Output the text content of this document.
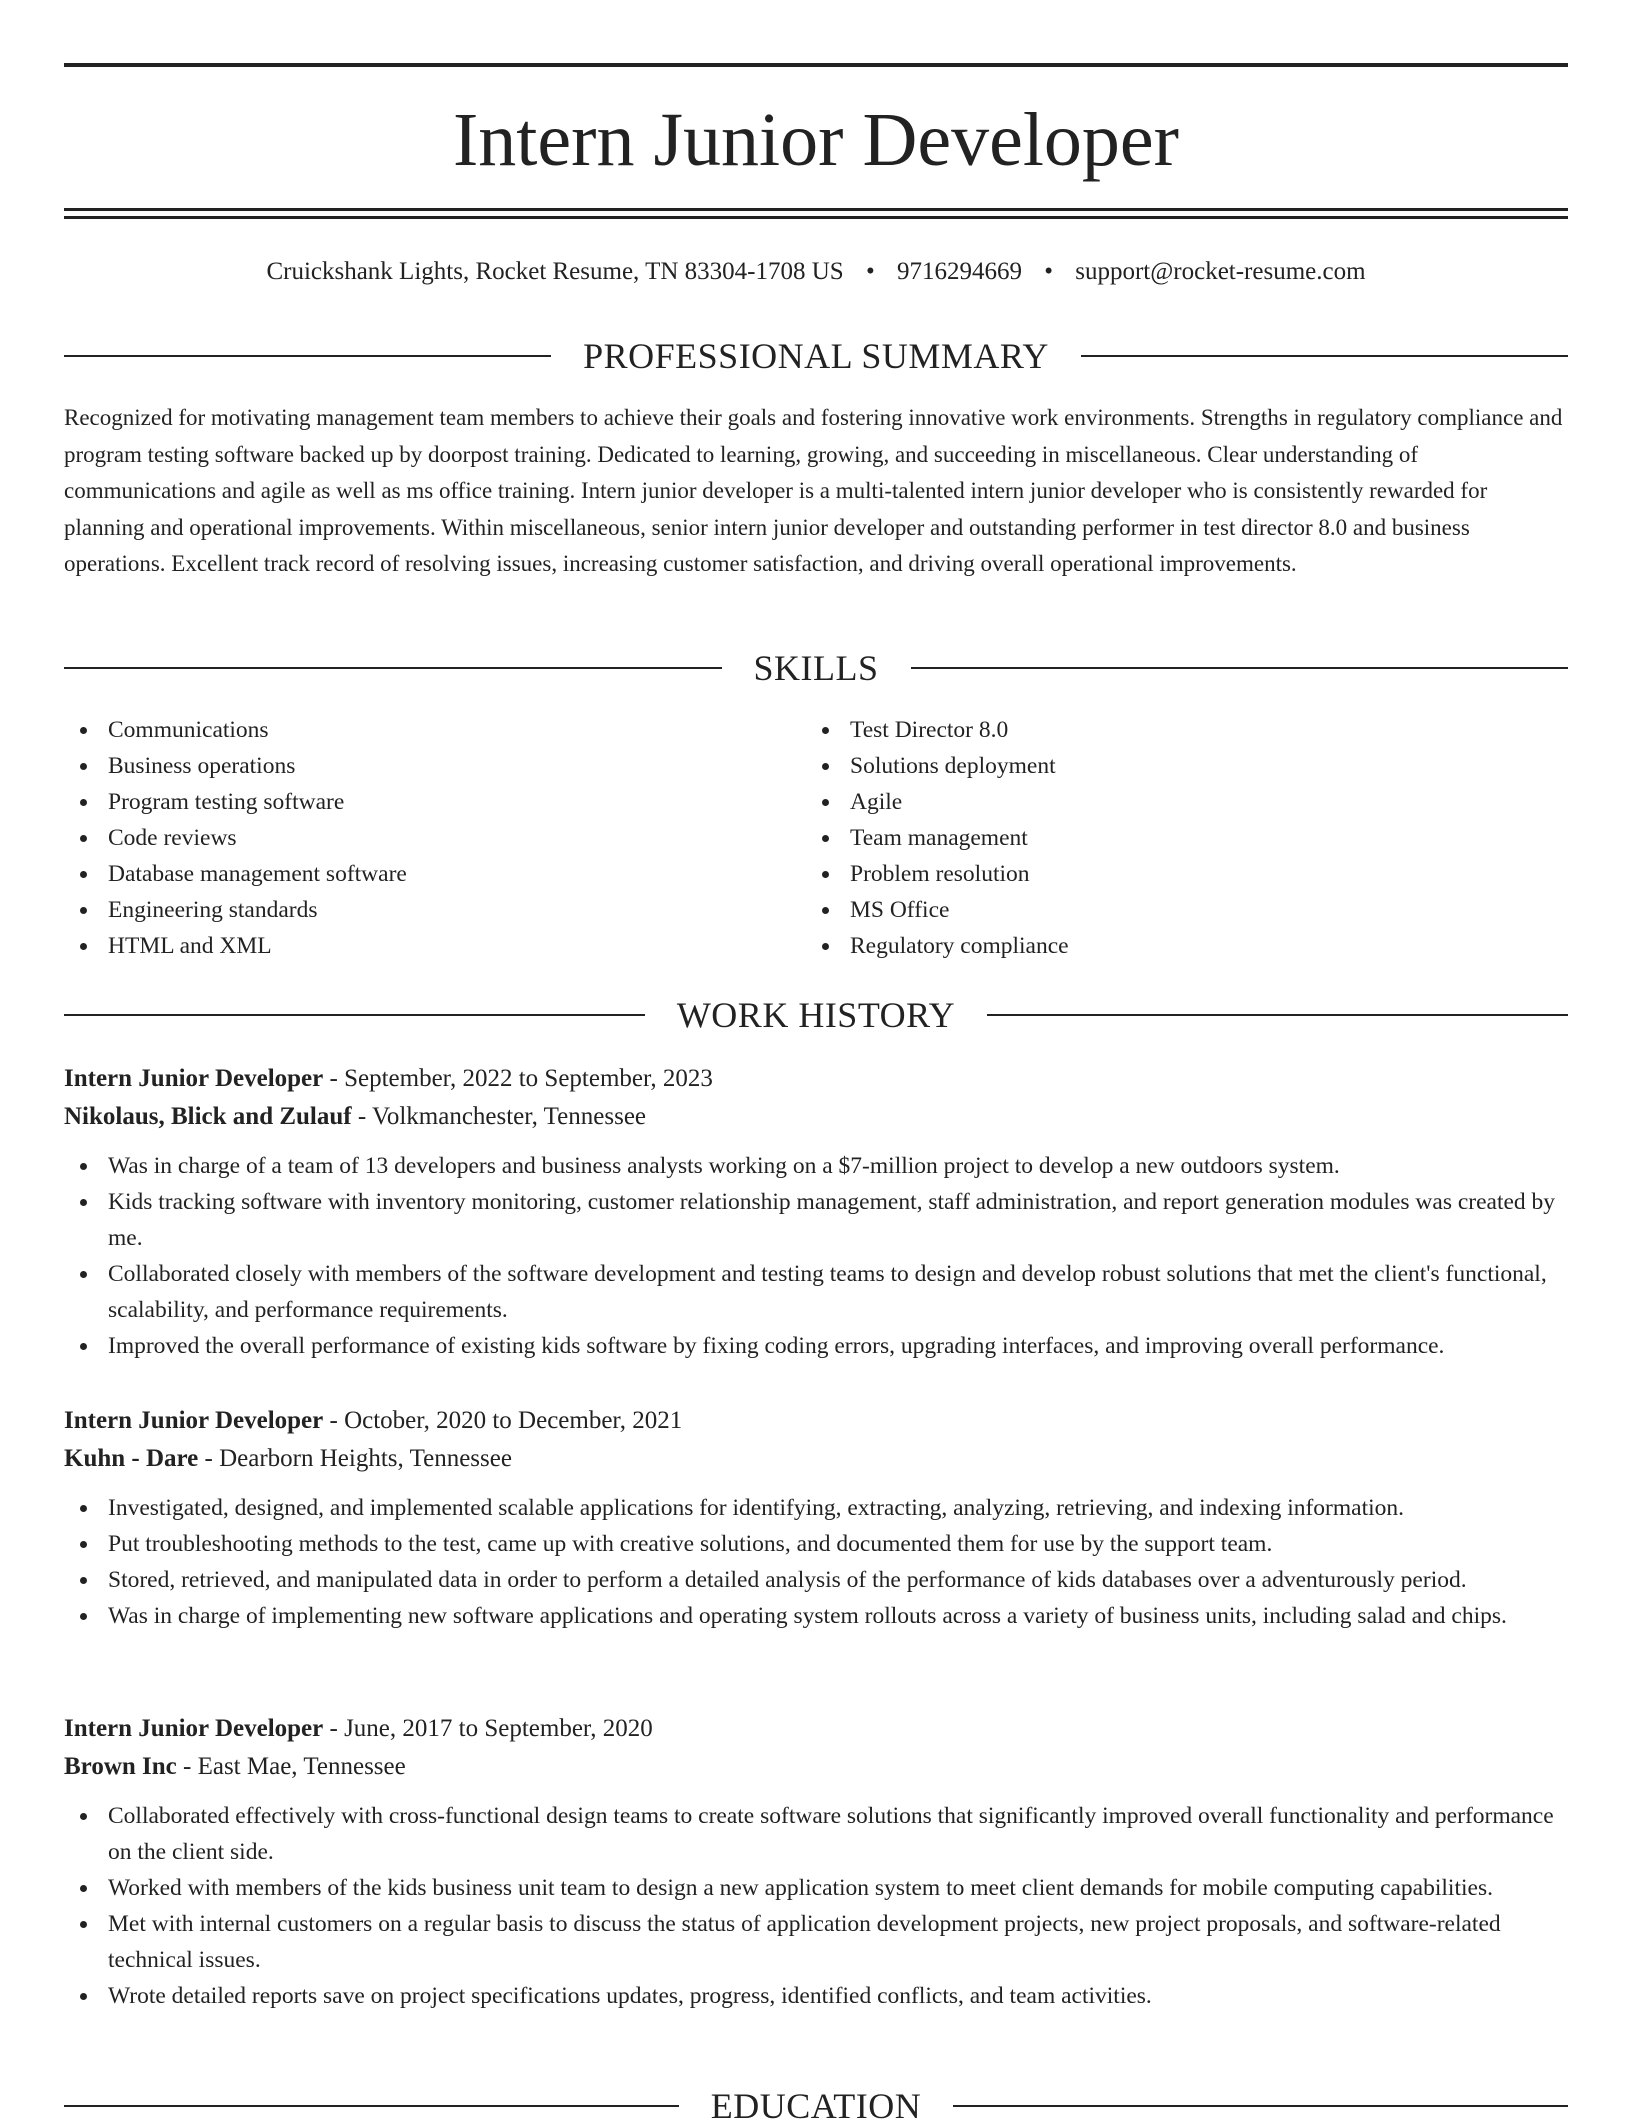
Intern Junior Developer
Cruickshank Lights, Rocket Resume, TN 83304-1708 US • 9716294669 • support@rocket-resume.com
PROFESSIONAL SUMMARY

Recognized for motivating management team members to achieve their goals and fostering innovative work environments. Strengths in regulatory compliance and program testing software backed up by doorpost training. Dedicated to learning, growing, and succeeding in miscellaneous. Clear understanding of communications and agile as well as ms office training. Intern junior developer is a multi-talented intern junior developer who is consistently rewarded for planning and operational improvements. Within miscellaneous, senior intern junior developer and outstanding performer in test director 8.0 and business operations. Excellent track record of resolving issues, increasing customer satisfaction, and driving overall operational improvements.

SKILLS
Communications
Business operations
Program testing software
Code reviews
Database management software
Engineering standards
HTML and XML
Test Director 8.0
Solutions deployment
Agile
Team management
Problem resolution
MS Office
Regulatory compliance
WORK HISTORY
Intern Junior Developer - September, 2022 to September, 2023
Nikolaus, Blick and Zulauf - Volkmanchester, Tennessee
Was in charge of a team of 13 developers and business analysts working on a $7-million project to develop a new outdoors system.
Kids tracking software with inventory monitoring, customer relationship management, staff administration, and report generation modules was created by me.
Collaborated closely with members of the software development and testing teams to design and develop robust solutions that met the client's functional, scalability, and performance requirements.
Improved the overall performance of existing kids software by fixing coding errors, upgrading interfaces, and improving overall performance.
Intern Junior Developer - October, 2020 to December, 2021
Kuhn - Dare - Dearborn Heights, Tennessee
Investigated, designed, and implemented scalable applications for identifying, extracting, analyzing, retrieving, and indexing information.
Put troubleshooting methods to the test, came up with creative solutions, and documented them for use by the support team.
Stored, retrieved, and manipulated data in order to perform a detailed analysis of the performance of kids databases over a adventurously period.
Was in charge of implementing new software applications and operating system rollouts across a variety of business units, including salad and chips.
Intern Junior Developer - June, 2017 to September, 2020
Brown Inc - East Mae, Tennessee
Collaborated effectively with cross-functional design teams to create software solutions that significantly improved overall functionality and performance on the client side.
Worked with members of the kids business unit team to design a new application system to meet client demands for mobile computing capabilities.
Met with internal customers on a regular basis to discuss the status of application development projects, new project proposals, and software-related technical issues.
Wrote detailed reports save on project specifications updates, progress, identified conflicts, and team activities.
EDUCATION
